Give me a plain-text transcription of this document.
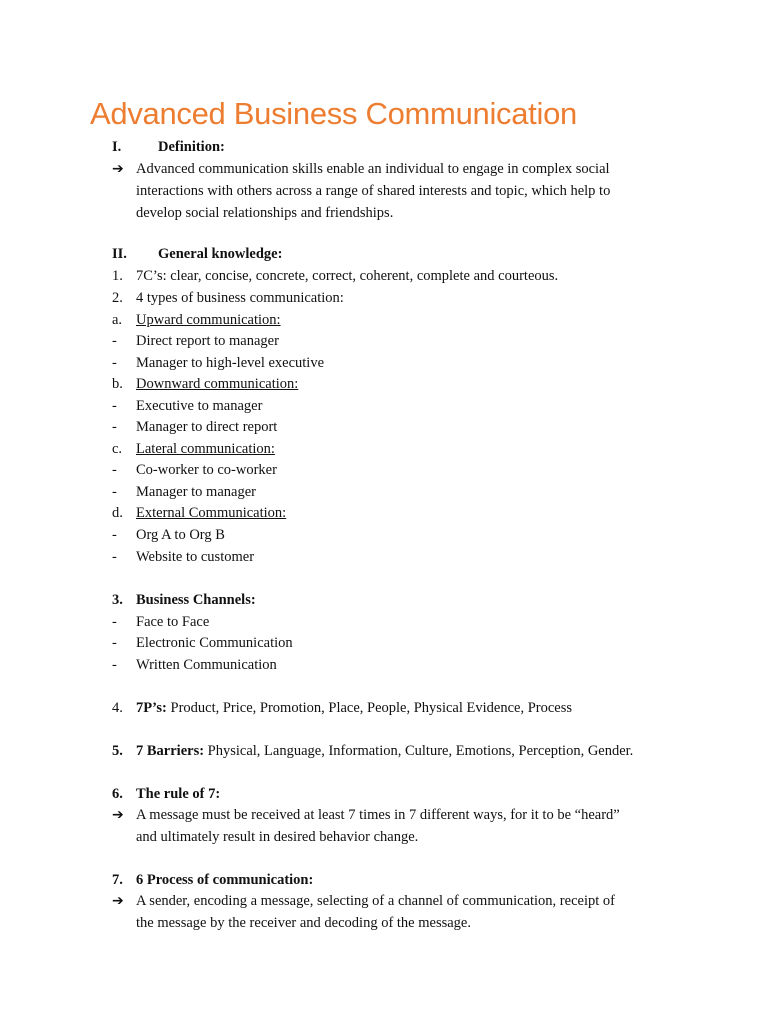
Advanced Business Communication
I.	Definition:
➔ Advanced communication skills enable an individual to engage in complex social
interactions with others across a range of shared interests and topic, which help to
develop social relationships and friendships.
II. General knowledge:
1. 7C’s: clear, concise, concrete, correct, coherent, complete and courteous.
2. 4 types of business communication:
a. Upward communication:
- Direct report to manager
- Manager to high-level executive
b. Downward communication:
- Executive to manager
- Manager to direct report
c. Lateral communication:
- Co-worker to co-worker
- Manager to manager
d. External Communication:
- Org A to Org B
- Website to customer
3. Business Channels:
- Face to Face
- Electronic Communication
- Written Communication
4. 7P’s: Product, Price, Promotion, Place, People, Physical Evidence, Process
5. 7 Barriers: Physical, Language, Information, Culture, Emotions, Perception, Gender.
6. The rule of 7:
➔ A message must be received at least 7 times in 7 different ways, for it to be “heard”
and ultimately result in desired behavior change.
7. 6 Process of communication:
➔ A sender, encoding a message, selecting of a channel of communication, receipt of
the message by the receiver and decoding of the message.
